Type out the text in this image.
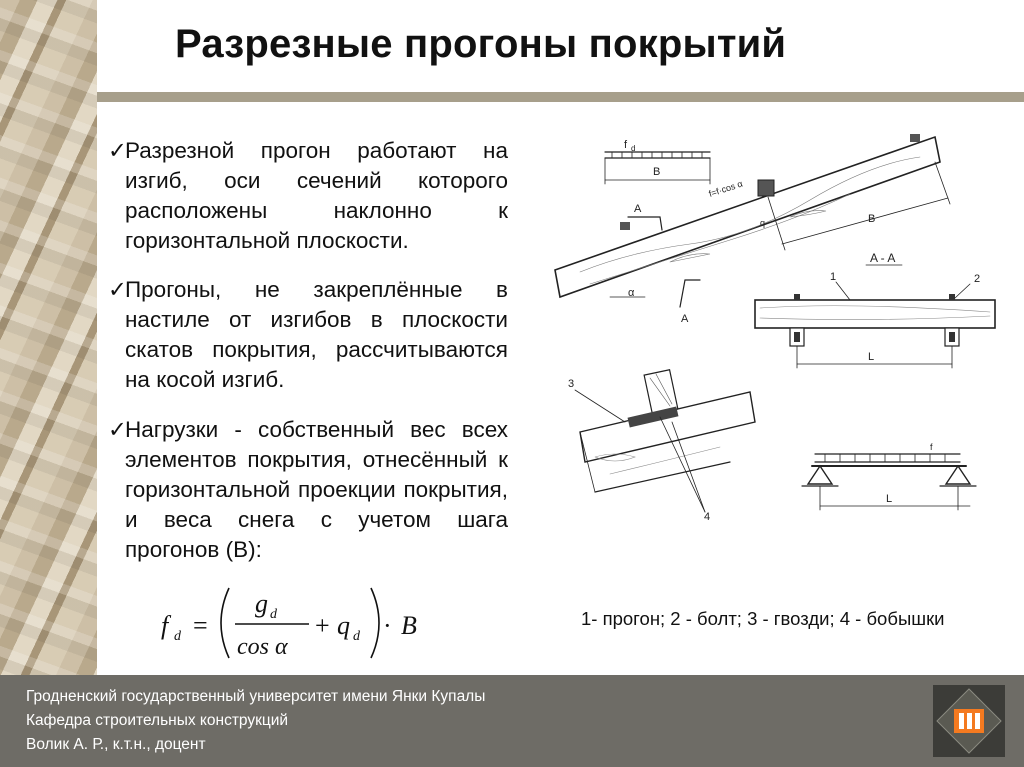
Разрезные прогоны покрытий
✓
Разрезной прогон работают на изгиб, оси сечений которого расположены наклонно к горизонтальной плоскости.
✓
Прогоны, не закреплённые в настиле от изгибов в плоскости скатов покрытия, рассчитываются на косой изгиб.
✓
Нагрузки - собственный вес всех элементов покрытия, отнесённый к горизонтальной проекции покрытия, и веса снега с учетом шага прогонов (В):
f d =
g d
cos α
+ q d · B
f d
B
B
f=f·cos α
q
A
A
α
A - A
1	2
L
3
4
f
L
1- прогон; 2 - болт; 3 - гвозди; 4 - бобышки
Гродненский государственный университет имени Янки Купалы
Кафедра строительных конструкций
Волик А. Р., к.т.н., доцент
